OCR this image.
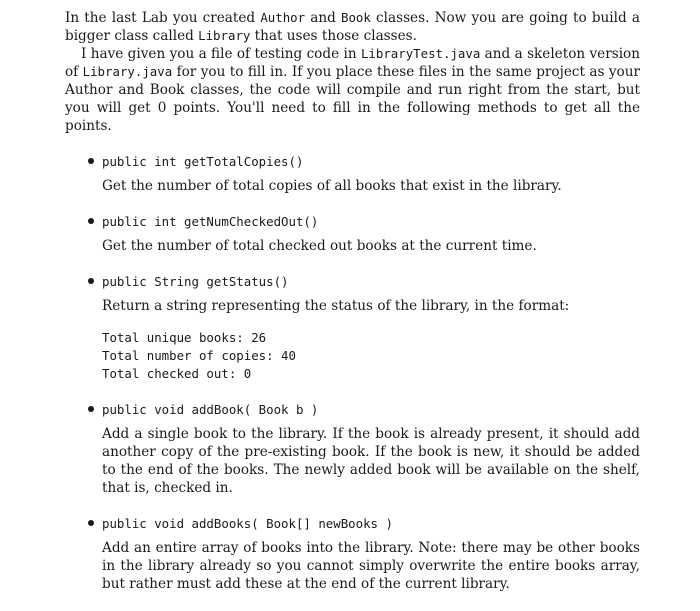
In the last Lab you created Author and Book classes. Now you are going to build a bigger class called Library that uses those classes.

I have given you a file of testing code in LibraryTest.java and a skeleton version of Library.java for you to fill in. If you place these files in the same project as your Author and Book classes, the code will compile and run right from the start, but you will get 0 points. You'll need to fill in the following methods to get all the points.

public int getTotalCopies()

Get the number of total copies of all books that exist in the library.

public int getNumCheckedOut()

Get the number of total checked out books at the current time.

public String getStatus()

Return a string representing the status of the library, in the format:

Total unique books: 26
Total number of copies: 40
Total checked out: 0
public void addBook( Book b )

Add a single book to the library. If the book is already present, it should add another copy of the pre-existing book. If the book is new, it should be added to the end of the books. The newly added book will be available on the shelf, that is, checked in.

public void addBooks( Book[] newBooks )

Add an entire array of books into the library. Note: there may be other books in the library already so you cannot simply overwrite the entire books array, but rather must add these at the end of the current library.
